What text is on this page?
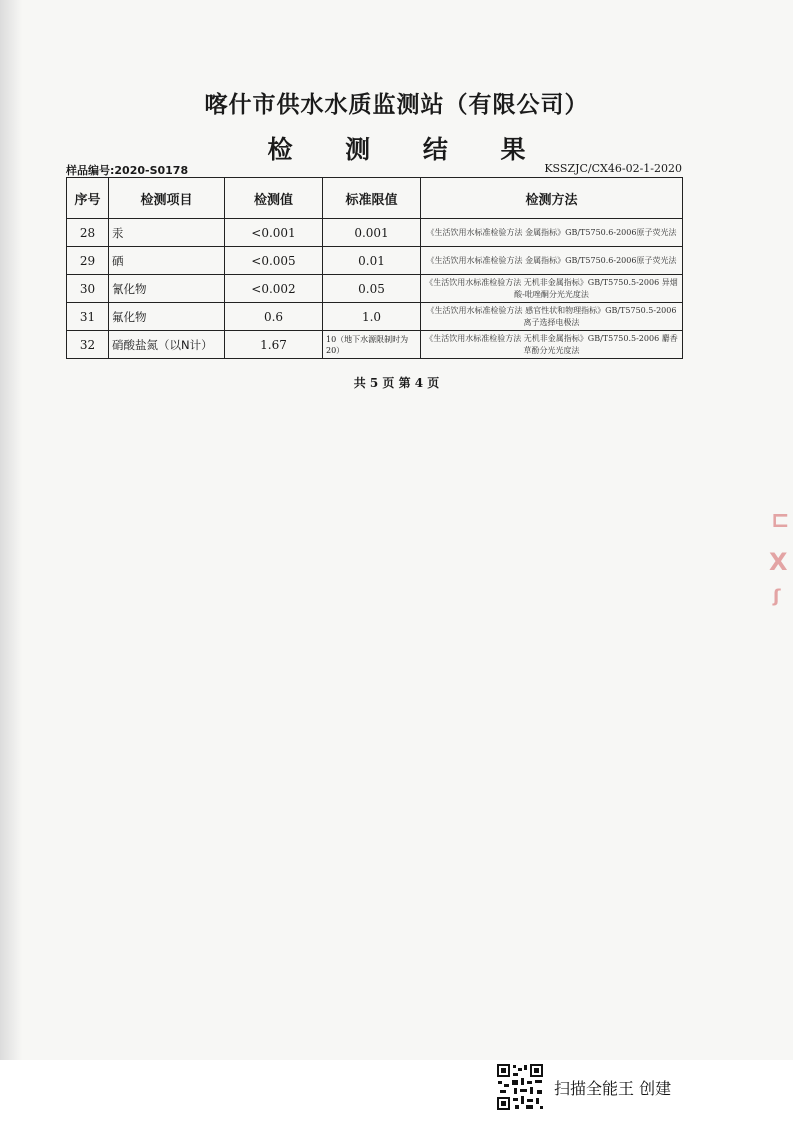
喀什市供水水质监测站（有限公司）
检 测 结 果
样品编号:2020-S0178	KSSZJC/CX46-02-1-2020
序号	检测项目	检测值	标准限值	检测方法
28	汞	<0.001	0.001	《生活饮用水标准检验方法 金属指标》GB/T5750.6-2006原子荧光法
29	硒	<0.005	0.01	《生活饮用水标准检验方法 金属指标》GB/T5750.6-2006原子荧光法
30	氰化物	<0.002	0.05	《生活饮用水标准检验方法 无机非金属指标》GB/T5750.5-2006 异烟酸-吡唑酮分光光度法
31	氟化物	0.6	1.0	《生活饮用水标准检验方法 感官性状和物理指标》GB/T5750.5-2006 离子选择电极法
32	硝酸盐氮（以N计）	1.67	10（地下水源限制时为20）	《生活饮用水标准检验方法 无机非金属指标》GB/T5750.5-2006 麝香草酚分光光度法
共 5 页 第 4 页
⊏
X
ʃ
扫描全能王 创建
